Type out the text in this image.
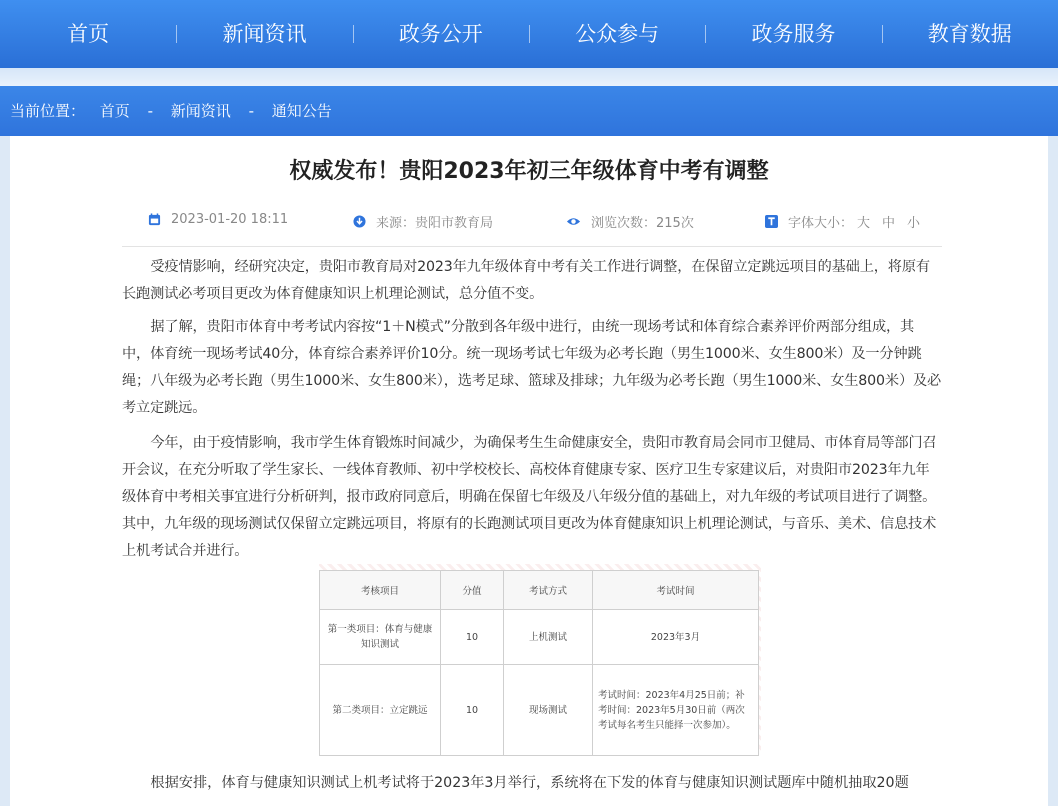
首页	新闻资讯	政务公开	公众参与	政务服务	教育数据
当前位置： 首页 - 新闻资讯 - 通知公告
权威发布！贵阳2023年初三年级体育中考有调整
2023-01-20 18:11	来源：贵阳市教育局	浏览次数：215次	字体大小： 大 中 小

受疫情影响，经研究决定，贵阳市教育局对2023年九年级体育中考有关工作进行调整，在保留立定跳远项目的基础上，将原有长跑测试必考项目更改为体育健康知识上机理论测试，总分值不变。

据了解，贵阳市体育中考考试内容按“1＋N模式”分散到各年级中进行，由统一现场考试和体育综合素养评价两部分组成，其中，体育统一现场考试40分，体育综合素养评价10分。统一现场考试七年级为必考长跑（男生1000米、女生800米）及一分钟跳绳；八年级为必考长跑（男生1000米、女生800米），选考足球、篮球及排球；九年级为必考长跑（男生1000米、女生800米）及必考立定跳远。

今年，由于疫情影响，我市学生体育锻炼时间减少，为确保考生生命健康安全，贵阳市教育局会同市卫健局、市体育局等部门召开会议，在充分听取了学生家长、一线体育教师、初中学校校长、高校体育健康专家、医疗卫生专家建议后，对贵阳市2023年九年级体育中考相关事宜进行分析研判，报市政府同意后，明确在保留七年级及八年级分值的基础上，对九年级的考试项目进行了调整。其中，九年级的现场测试仅保留立定跳远项目，将原有的长跑测试项目更改为体育健康知识上机理论测试，与音乐、美术、信息技术上机考试合并进行。

考核项目	分值	考试方式	考试时间
第一类项目：体育与健康知识测试	10	上机测试	2023年3月
第二类项目：立定跳远	10	现场测试	考试时间：2023年4月25日前；补考时间：2023年5月30日前（两次考试每名考生只能择一次参加）。
根据安排，体育与健康知识测试上机考试将于2023年3月举行，系统将在下发的体育与健康知识测试题库中随机抽取20题
